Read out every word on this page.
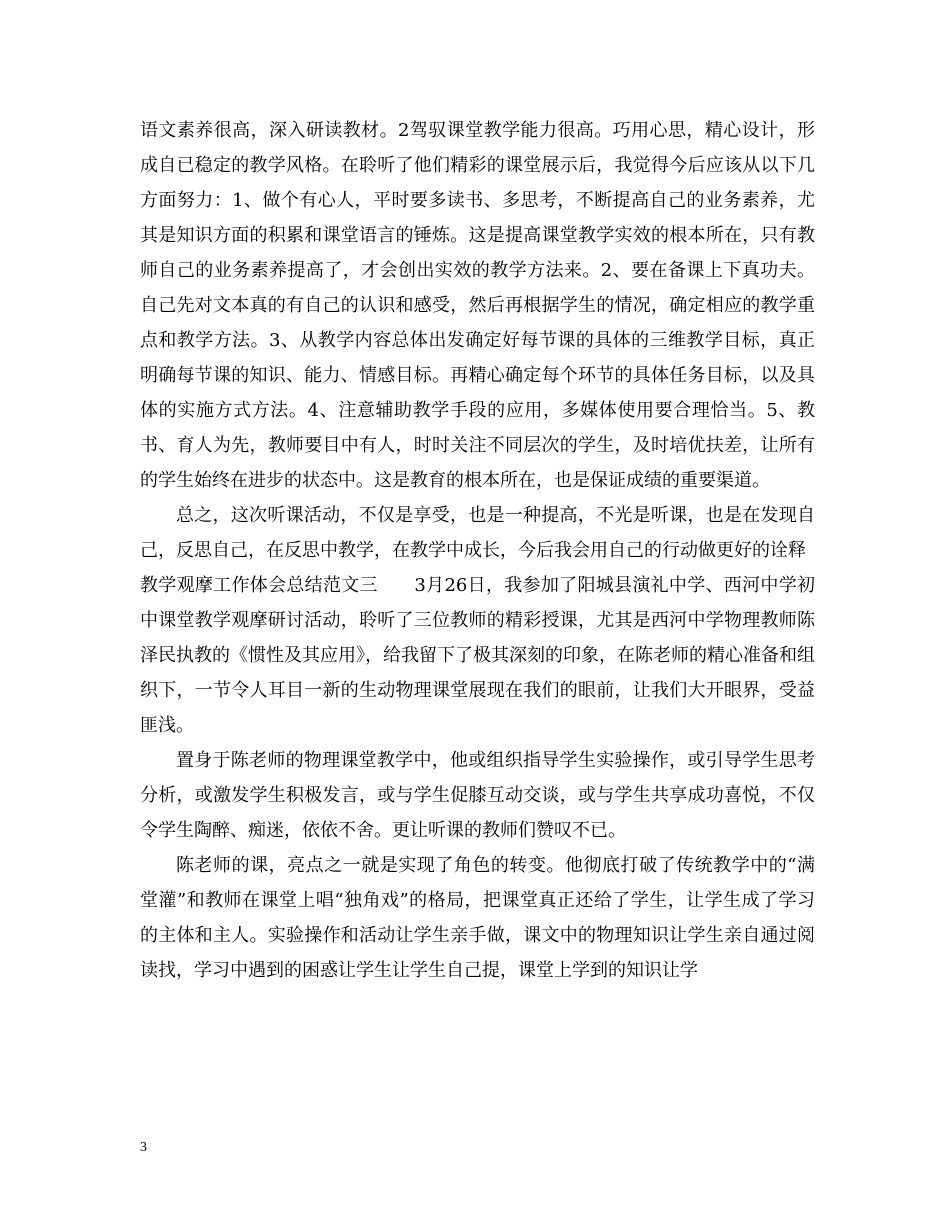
语文素养很高，深入研读教材。2驾驭课堂教学能力很高。巧用心思，精心设计，形成自已稳定的教学风格。在聆听了他们精彩的课堂展示后，我觉得今后应该从以下几方面努力：1、做个有心人，平时要多读书、多思考，不断提高自己的业务素养，尤其是知识方面的积累和课堂语言的锤炼。这是提高课堂教学实效的根本所在，只有教师自己的业务素养提高了，才会创出实效的教学方法来。2、要在备课上下真功夫。自己先对文本真的有自己的认识和感受，然后再根据学生的情况，确定相应的教学重点和教学方法。3、从教学内容总体出发确定好每节课的具体的三维教学目标，真正明确每节课的知识、能力、情感目标。再精心确定每个环节的具体任务目标，以及具体的实施方式方法。4、注意辅助教学手段的应用，多媒体使用要合理恰当。5、教书、育人为先，教师要目中有人，时时关注不同层次的学生，及时培优扶差，让所有的学生始终在进步的状态中。这是教育的根本所在，也是保证成绩的重要渠道。

总之，这次听课活动，不仅是享受，也是一种提高，不光是听课，也是在发现自己，反思自己，在反思中教学，在教学中成长，今后我会用自己的行动做更好的诠释

教学观摩工作体会总结范文三　　3月26日，我参加了阳城县演礼中学、西河中学初中课堂教学观摩研讨活动，聆听了三位教师的精彩授课，尤其是西河中学物理教师陈泽民执教的《惯性及其应用》，给我留下了极其深刻的印象，在陈老师的精心准备和组织下，一节令人耳目一新的生动物理课堂展现在我们的眼前，让我们大开眼界，受益匪浅。

置身于陈老师的物理课堂教学中，他或组织指导学生实验操作，或引导学生思考分析，或激发学生积极发言，或与学生促膝互动交谈，或与学生共享成功喜悦，不仅令学生陶醉、痴迷，依依不舍。更让听课的教师们赞叹不已。

陈老师的课，亮点之一就是实现了角色的转变。他彻底打破了传统教学中的“满堂灌”和教师在课堂上唱“独角戏”的格局，把课堂真正还给了学生，让学生成了学习的主体和主人。实验操作和活动让学生亲手做，课文中的物理知识让学生亲自通过阅读找，学习中遇到的困惑让学生让学生自己提，课堂上学到的知识让学

3
